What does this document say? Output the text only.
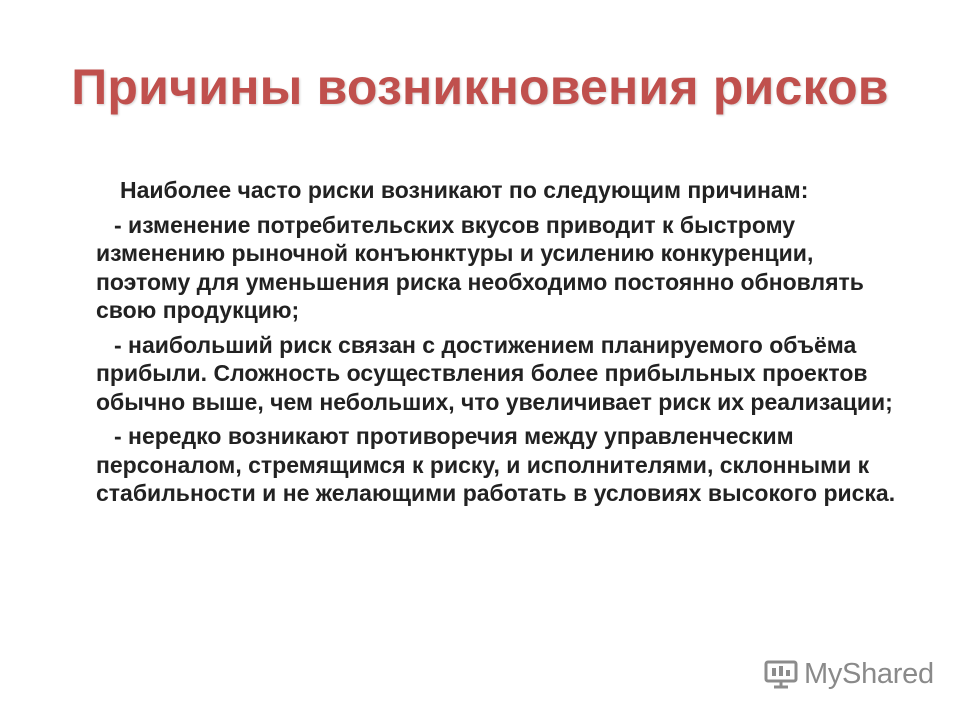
Причины возникновения рисков

Наиболее часто риски возникают по следующим причинам:

- изменение потребительских вкусов приводит к быстрому изменению рыночной конъюнктуры и усилению конкуренции, поэтому для уменьшения риска необходимо постоянно обновлять свою продукцию;

- наибольший риск связан с достижением планируемого объёма прибыли. Сложность осуществления более прибыльных проектов обычно выше, чем небольших, что увеличивает риск их реализации;

- нередко возникают противоречия между управленческим персоналом, стремящимся к риску, и исполнителями, склонными к стабильности и не желающими работать в условиях высокого риска.

MyShared
